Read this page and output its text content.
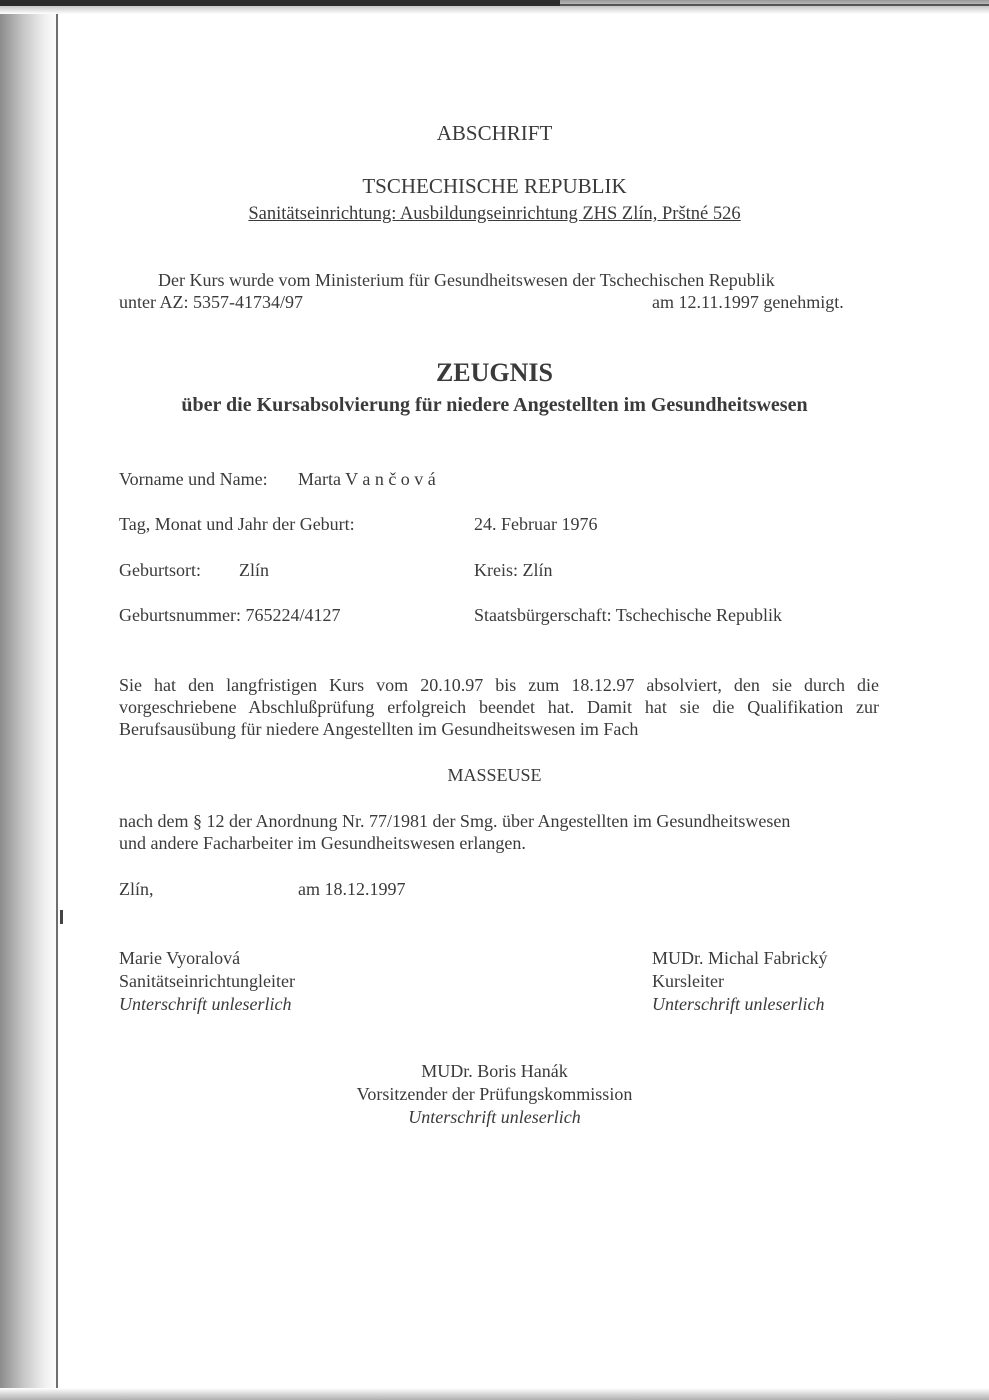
ABSCHRIFT
TSCHECHISCHE REPUBLIK
Sanitätseinrichtung: Ausbildungseinrichtung ZHS Zlín, Prštné 526
Der Kurs wurde vom Ministerium für Gesundheitswesen der Tschechischen Republik
unter AZ: 5357-41734/97	am 12.11.1997 genehmigt.
ZEUGNIS
über die Kursabsolvierung für niedere Angestellten im Gesundheitswesen
Vorname und Name: Marta V a n č o v á
Tag, Monat und Jahr der Geburt:	24. Februar 1976
Geburtsort: Zlín	Kreis: Zlín
Geburtsnummer: 765224/4127	Staatsbürgerschaft: Tschechische Republik
Sie hat den langfristigen Kurs vom 20.10.97 bis zum 18.12.97 absolviert, den sie durch die
vorgeschriebene Abschlußprüfung erfolgreich beendet hat. Damit hat sie die Qualifikation zur
Berufsausübung für niedere Angestellten im Gesundheitswesen im Fach
MASSEUSE
nach dem § 12 der Anordnung Nr. 77/1981 der Smg. über Angestellten im Gesundheitswesen
und andere Facharbeiter im Gesundheitswesen erlangen.
Zlín,	am 18.12.1997
Marie Vyoralová
Sanitätseinrichtungleiter
Unterschrift unleserlich
MUDr. Michal Fabrický
Kursleiter
Unterschrift unleserlich
MUDr. Boris Hanák
Vorsitzender der Prüfungskommission
Unterschrift unleserlich
